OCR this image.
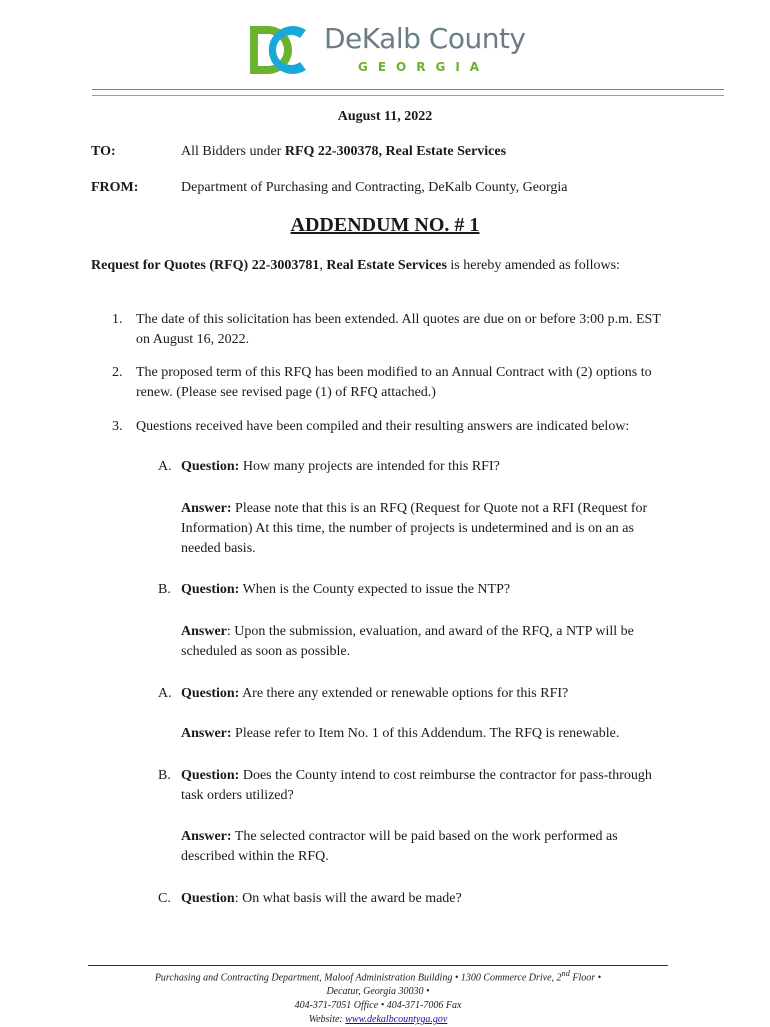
DeKalb County
GEORGIA
August 11, 2022
TO:	All Bidders under RFQ 22-300378, Real Estate Services
FROM:	Department of Purchasing and Contracting, DeKalb County, Georgia
ADDENDUM NO. # 1
Request for Quotes (RFQ) 22-3003781, Real Estate Services is hereby amended as follows:
1. The date of this solicitation has been extended. All quotes are due on or before 3:00 p.m. EST on August 16, 2022.
2. The proposed term of this RFQ has been modified to an Annual Contract with (2) options to renew. (Please see revised page (1) of RFQ attached.)
3. Questions received have been compiled and their resulting answers are indicated below:
A. Question: How many projects are intended for this RFI?
Answer: Please note that this is an RFQ (Request for Quote not a RFI (Request for Information) At this time, the number of projects is undetermined and is on an as needed basis.
B. Question: When is the County expected to issue the NTP?
Answer: Upon the submission, evaluation, and award of the RFQ, a NTP will be scheduled as soon as possible.
A. Question: Are there any extended or renewable options for this RFI?
Answer: Please refer to Item No. 1 of this Addendum. The RFQ is renewable.
B. Question: Does the County intend to cost reimburse the contractor for pass-through task orders utilized?
Answer: The selected contractor will be paid based on the work performed as described within the RFQ.
C. Question: On what basis will the award be made?
Purchasing and Contracting Department, Maloof Administration Building • 1300 Commerce Drive, 2nd Floor •
Decatur, Georgia 30030 •
404-371-7051 Office • 404-371-7006 Fax
Website: www.dekalbcountyga.gov
